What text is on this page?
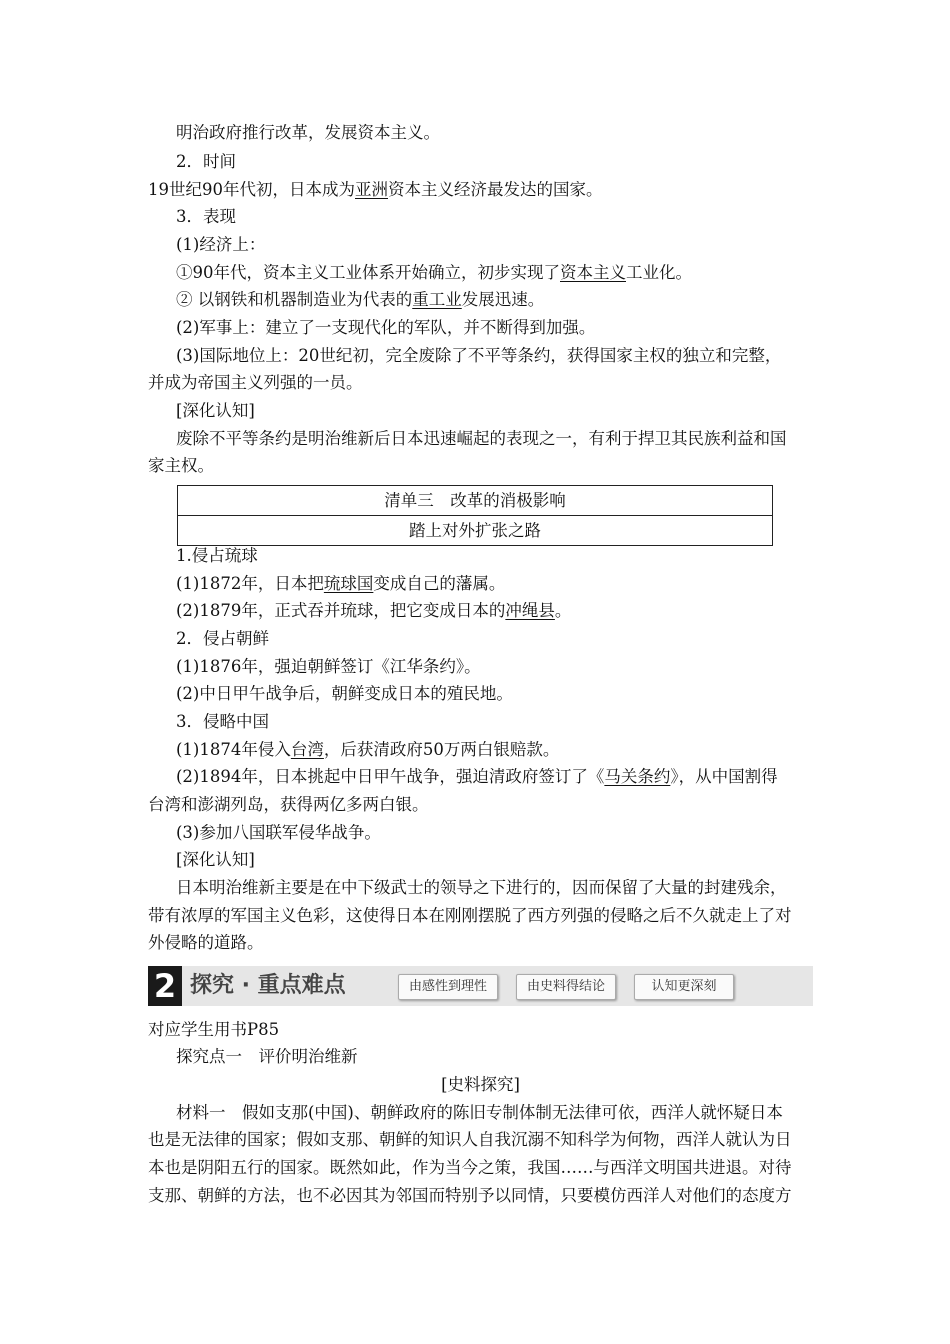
明治政府推行改革，发展资本主义。
2．时间
19世纪90年代初，日本成为亚洲资本主义经济最发达的国家。
3．表现
(1)经济上：
①90年代，资本主义工业体系开始确立，初步实现了资本主义工业化。
② 以钢铁和机器制造业为代表的重工业发展迅速。
(2)军事上：建立了一支现代化的军队，并不断得到加强。
(3)国际地位上：20世纪初，完全废除了不平等条约，获得国家主权的独立和完整，
并成为帝国主义列强的一员。
[深化认知]
废除不平等条约是明治维新后日本迅速崛起的表现之一，有利于捍卫其民族利益和国
家主权。
清单三　改革的消极影响
踏上对外扩张之路
1.侵占琉球
(1)1872年，日本把琉球国变成自己的藩属。
(2)1879年，正式吞并琉球，把它变成日本的冲绳县。
2．侵占朝鲜
(1)1876年，强迫朝鲜签订《江华条约》。
(2)中日甲午战争后，朝鲜变成日本的殖民地。
3．侵略中国
(1)1874年侵入台湾，后获清政府50万两白银赔款。
(2)1894年，日本挑起中日甲午战争，强迫清政府签订了《马关条约》，从中国割得
台湾和澎湖列岛，获得两亿多两白银。
(3)参加八国联军侵华战争。
[深化认知]
日本明治维新主要是在中下级武士的领导之下进行的，因而保留了大量的封建残余，
带有浓厚的军国主义色彩，这使得日本在刚刚摆脱了西方列强的侵略之后不久就走上了对
外侵略的道路。
2 探究 · 重点难点	由感性到理性	由史料得结论	认知更深刻
对应学生用书P85
探究点一　评价明治维新
[史料探究]
材料一　假如支那(中国)、朝鲜政府的陈旧专制体制无法律可依，西洋人就怀疑日本
也是无法律的国家；假如支那、朝鲜的知识人自我沉溺不知科学为何物，西洋人就认为日
本也是阴阳五行的国家。既然如此，作为当今之策，我国……与西洋文明国共进退。对待
支那、朝鲜的方法，也不必因其为邻国而特别予以同情，只要模仿西洋人对他们的态度方
